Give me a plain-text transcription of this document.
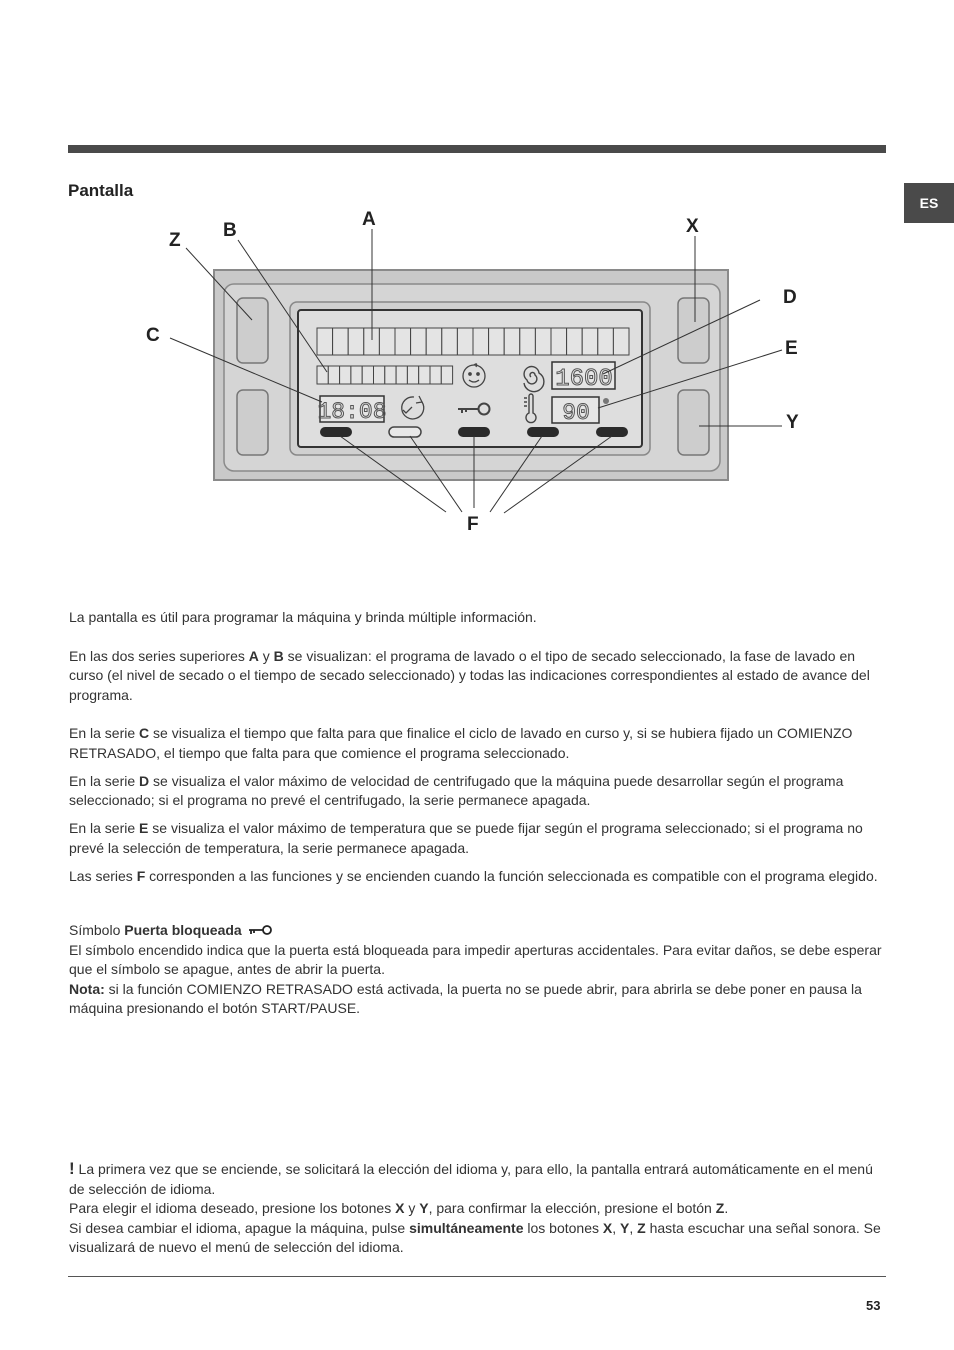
ES
Pantalla
1600
18:08	90
A
B
Z
C
X
D
E
Y
F

La pantalla es útil para programar la máquina y brinda múltiple información.

En las dos series superiores A y B se visualizan: el programa de lavado o el tipo de secado seleccionado, la fase de lavado en curso (el nivel de secado o el tiempo de secado seleccionado) y todas las indicaciones correspondientes al estado de avance del programa.

En la serie C se visualiza el tiempo que falta para que finalice el ciclo de lavado en curso y, si se hubiera fijado un COMIENZO RETRASADO, el tiempo que falta para que comience el programa seleccionado.

En la serie D se visualiza el valor máximo de velocidad de centrifugado que la máquina puede desarrollar según el programa seleccionado; si el programa no prevé el centrifugado, la serie permanece apagada.

En la serie E se visualiza el valor máximo de temperatura que se puede fijar según el programa seleccionado; si el programa no prevé la selección de temperatura, la serie permanece apagada.

Las series F corresponden a las funciones y se encienden cuando la función seleccionada es compatible con el programa elegido.

Símbolo Puerta bloqueada

El símbolo encendido indica que la puerta está bloqueada para impedir aperturas accidentales. Para evitar daños, se debe esperar que el símbolo se apague, antes de abrir la puerta.

Nota: si la función COMIENZO RETRASADO está activada, la puerta no se puede abrir, para abrirla se debe poner en pausa la máquina presionando el botón START/PAUSE.

! La primera vez que se enciende, se solicitará la elección del idioma y, para ello, la pantalla entrará automáticamente en el menú de selección de idioma.

Para elegir el idioma deseado, presione los botones X y Y, para confirmar la elección, presione el botón Z.

Si desea cambiar el idioma, apague la máquina, pulse simultáneamente los botones X, Y, Z hasta escuchar una señal sonora. Se visualizará de nuevo el menú de selección del idioma.

53
